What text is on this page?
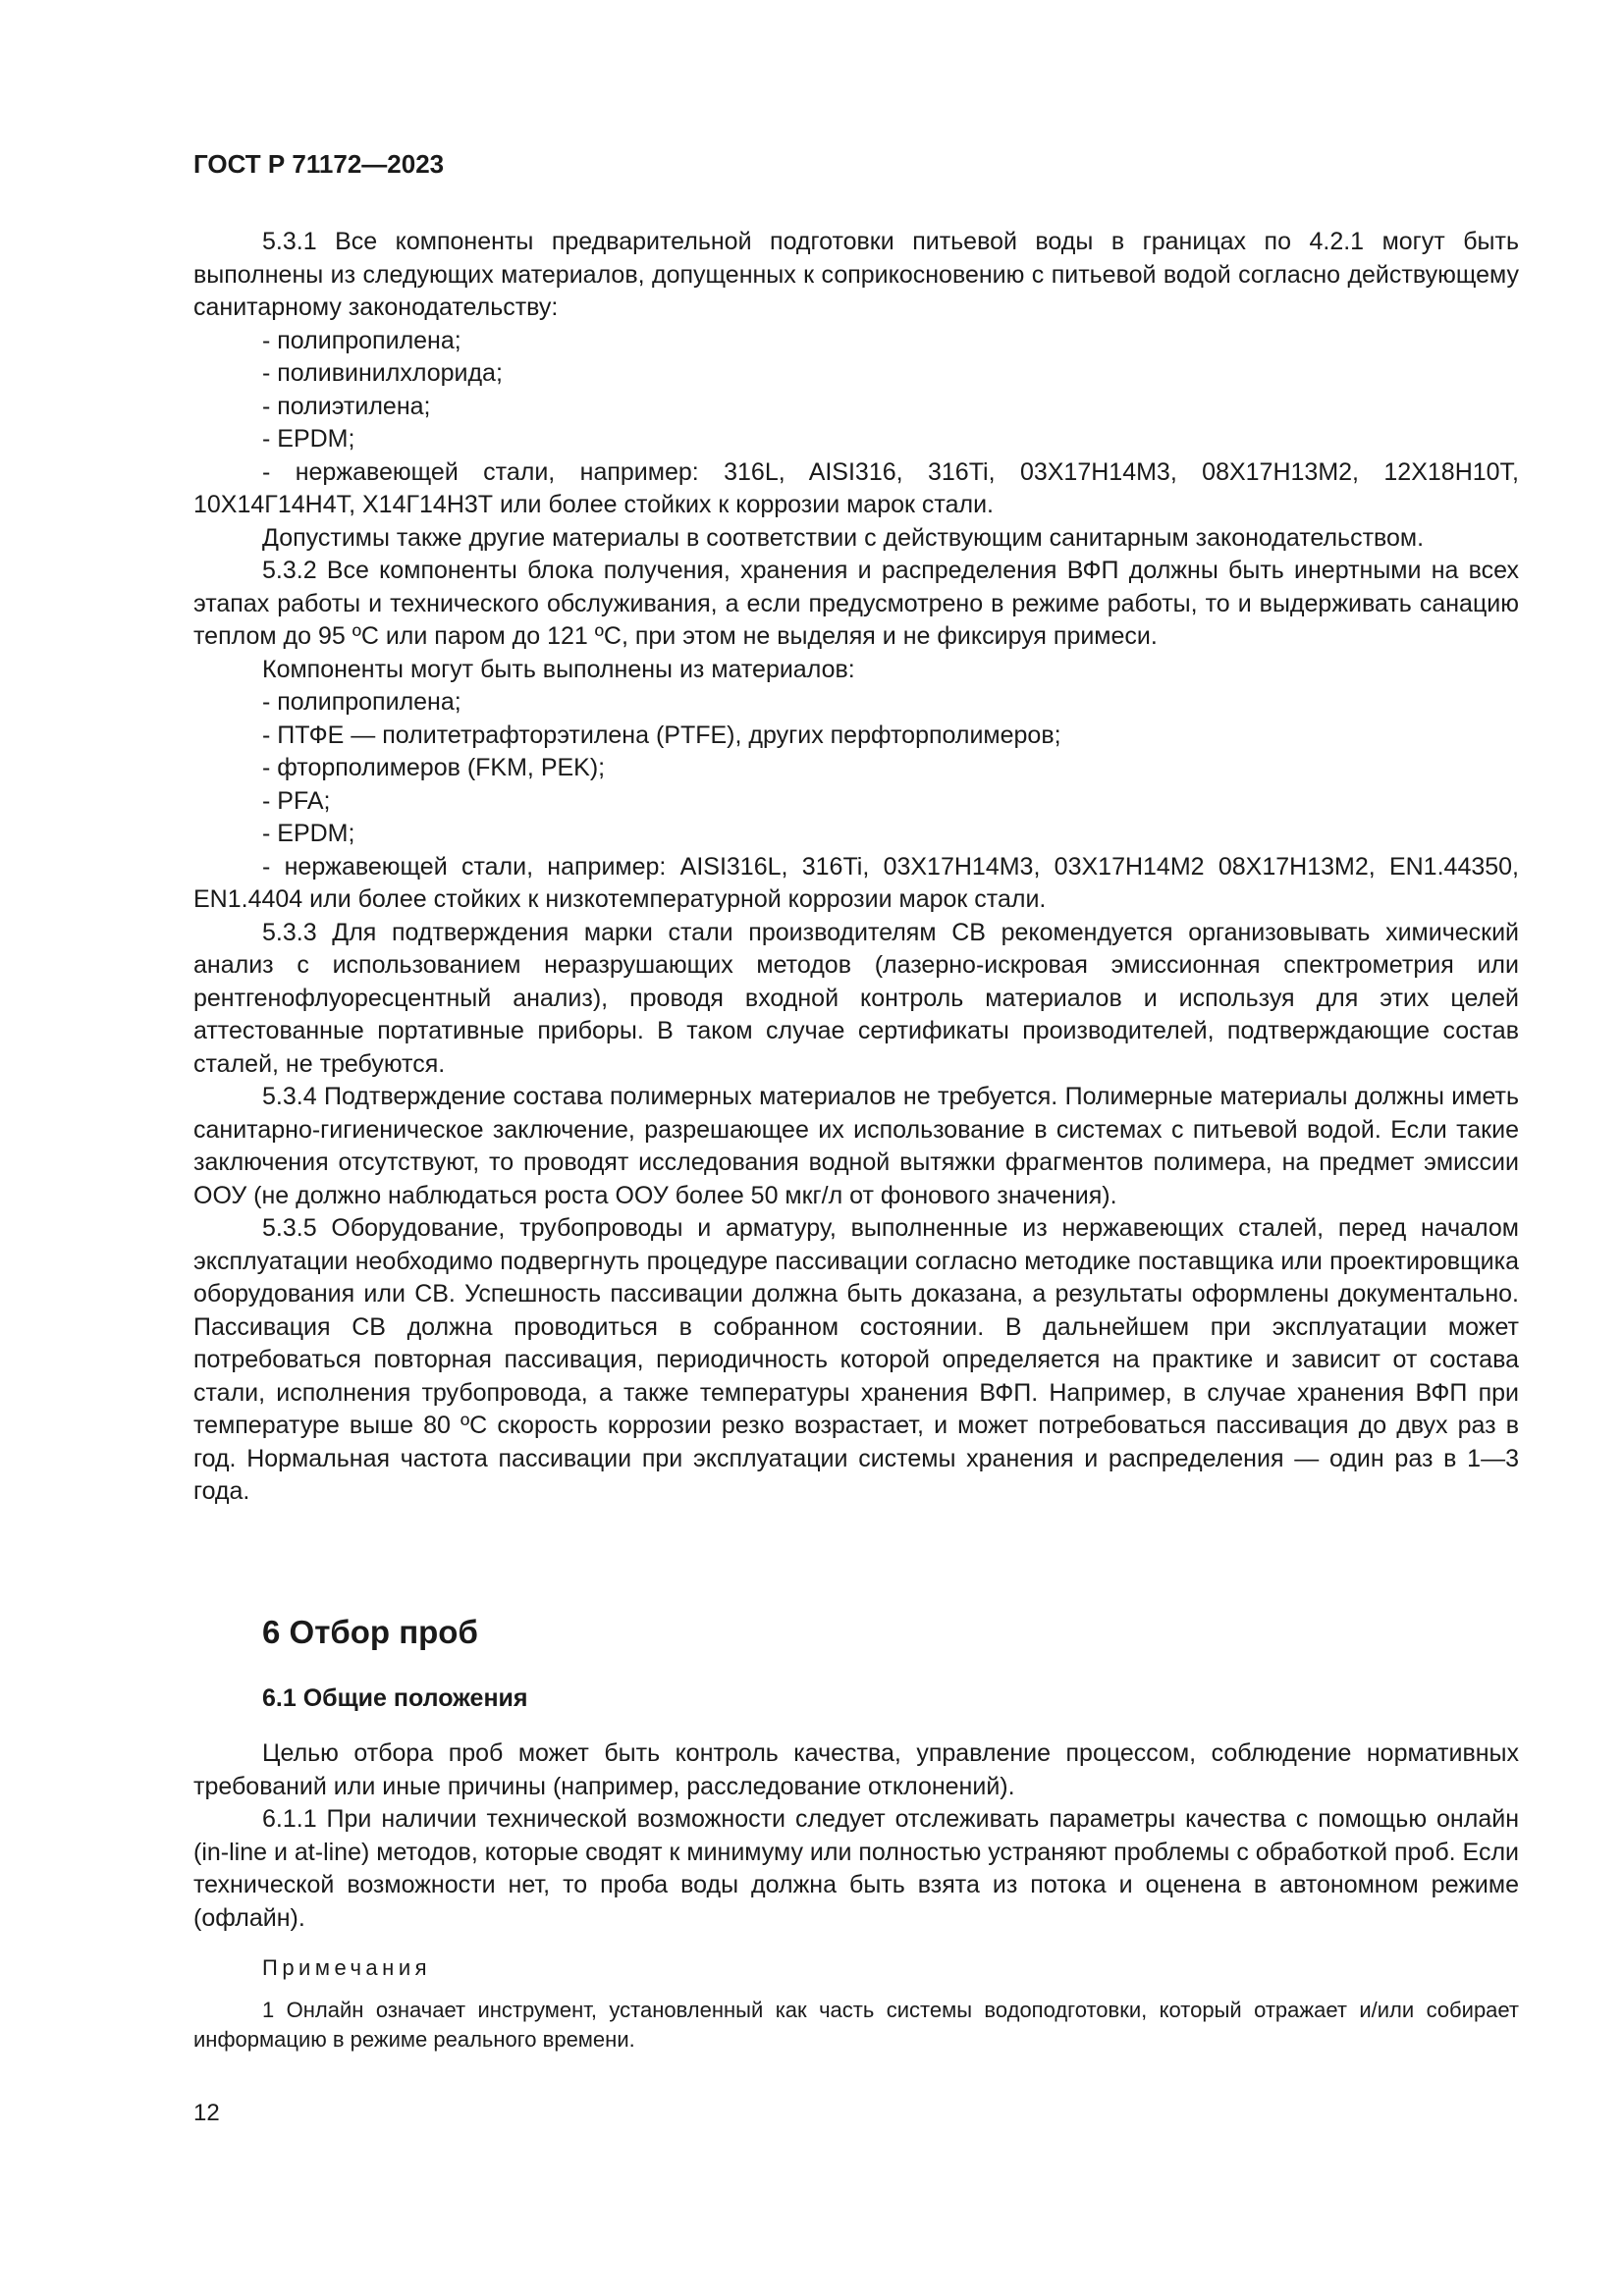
ГОСТ Р 71172—2023

5.3.1 Все компоненты предварительной подготовки питьевой воды в границах по 4.2.1 могут быть выполнены из следующих материалов, допущенных к соприкосновению с питьевой водой согласно действующему санитарному законодательству:

- полипропилена;

- поливинилхлорида;

- полиэтилена;

- EPDM;

- нержавеющей стали, например: 316L, AISI316, 316Ti, 03Х17Н14М3, 08Х17Н13М2, 12Х18Н10Т, 10Х14Г14Н4Т, Х14Г14Н3Т или более стойких к коррозии марок стали.

Допустимы также другие материалы в соответствии с действующим санитарным законодательством.

5.3.2 Все компоненты блока получения, хранения и распределения ВФП должны быть инертными на всех этапах работы и технического обслуживания, а если предусмотрено в режиме работы, то и выдерживать санацию теплом до 95 ºС или паром до 121 ºС, при этом не выделяя и не фиксируя примеси.

Компоненты могут быть выполнены из материалов:

- полипропилена;

- ПТФЕ — политетрафторэтилена (PTFE), других перфторполимеров;

- фторполимеров (FKM, PEK);

- PFA;

- EPDM;

- нержавеющей стали, например: AISI316L, 316Ti, 03Х17Н14М3, 03Х17Н14М2 08Х17Н13М2, EN1.44350, EN1.4404 или более стойких к низкотемпературной коррозии марок стали.

5.3.3 Для подтверждения марки стали производителям СВ рекомендуется организовывать химический анализ с использованием неразрушающих методов (лазерно-искровая эмиссионная спектрометрия или рентгенофлуоресцентный анализ), проводя входной контроль материалов и используя для этих целей аттестованные портативные приборы. В таком случае сертификаты производителей, подтверждающие состав сталей, не требуются.

5.3.4 Подтверждение состава полимерных материалов не требуется. Полимерные материалы должны иметь санитарно-гигиеническое заключение, разрешающее их использование в системах с питьевой водой. Если такие заключения отсутствуют, то проводят исследования водной вытяжки фрагментов полимера, на предмет эмиссии ООУ (не должно наблюдаться роста ООУ более 50 мкг/л от фонового значения).

5.3.5 Оборудование, трубопроводы и арматуру, выполненные из нержавеющих сталей, перед началом эксплуатации необходимо подвергнуть процедуре пассивации согласно методике поставщика или проектировщика оборудования или СВ. Успешность пассивации должна быть доказана, а результаты оформлены документально. Пассивация СВ должна проводиться в собранном состоянии. В дальнейшем при эксплуатации может потребоваться повторная пассивация, периодичность которой определяется на практике и зависит от состава стали, исполнения трубопровода, а также температуры хранения ВФП. Например, в случае хранения ВФП при температуре выше 80 ºС скорость коррозии резко возрастает, и может потребоваться пассивация до двух раз в год. Нормальная частота пассивации при эксплуатации системы хранения и распределения — один раз в 1—3 года.

6 Отбор проб
6.1 Общие положения

Целью отбора проб может быть контроль качества, управление процессом, соблюдение нормативных требований или иные причины (например, расследование отклонений).

6.1.1 При наличии технической возможности следует отслеживать параметры качества с помощью онлайн (in-line и at-line) методов, которые сводят к минимуму или полностью устраняют проблемы с обработкой проб. Если технической возможности нет, то проба воды должна быть взята из потока и оценена в автономном режиме (офлайн).

Примечания

1 Онлайн означает инструмент, установленный как часть системы водоподготовки, который отражает и/или собирает информацию в режиме реального времени.

12
